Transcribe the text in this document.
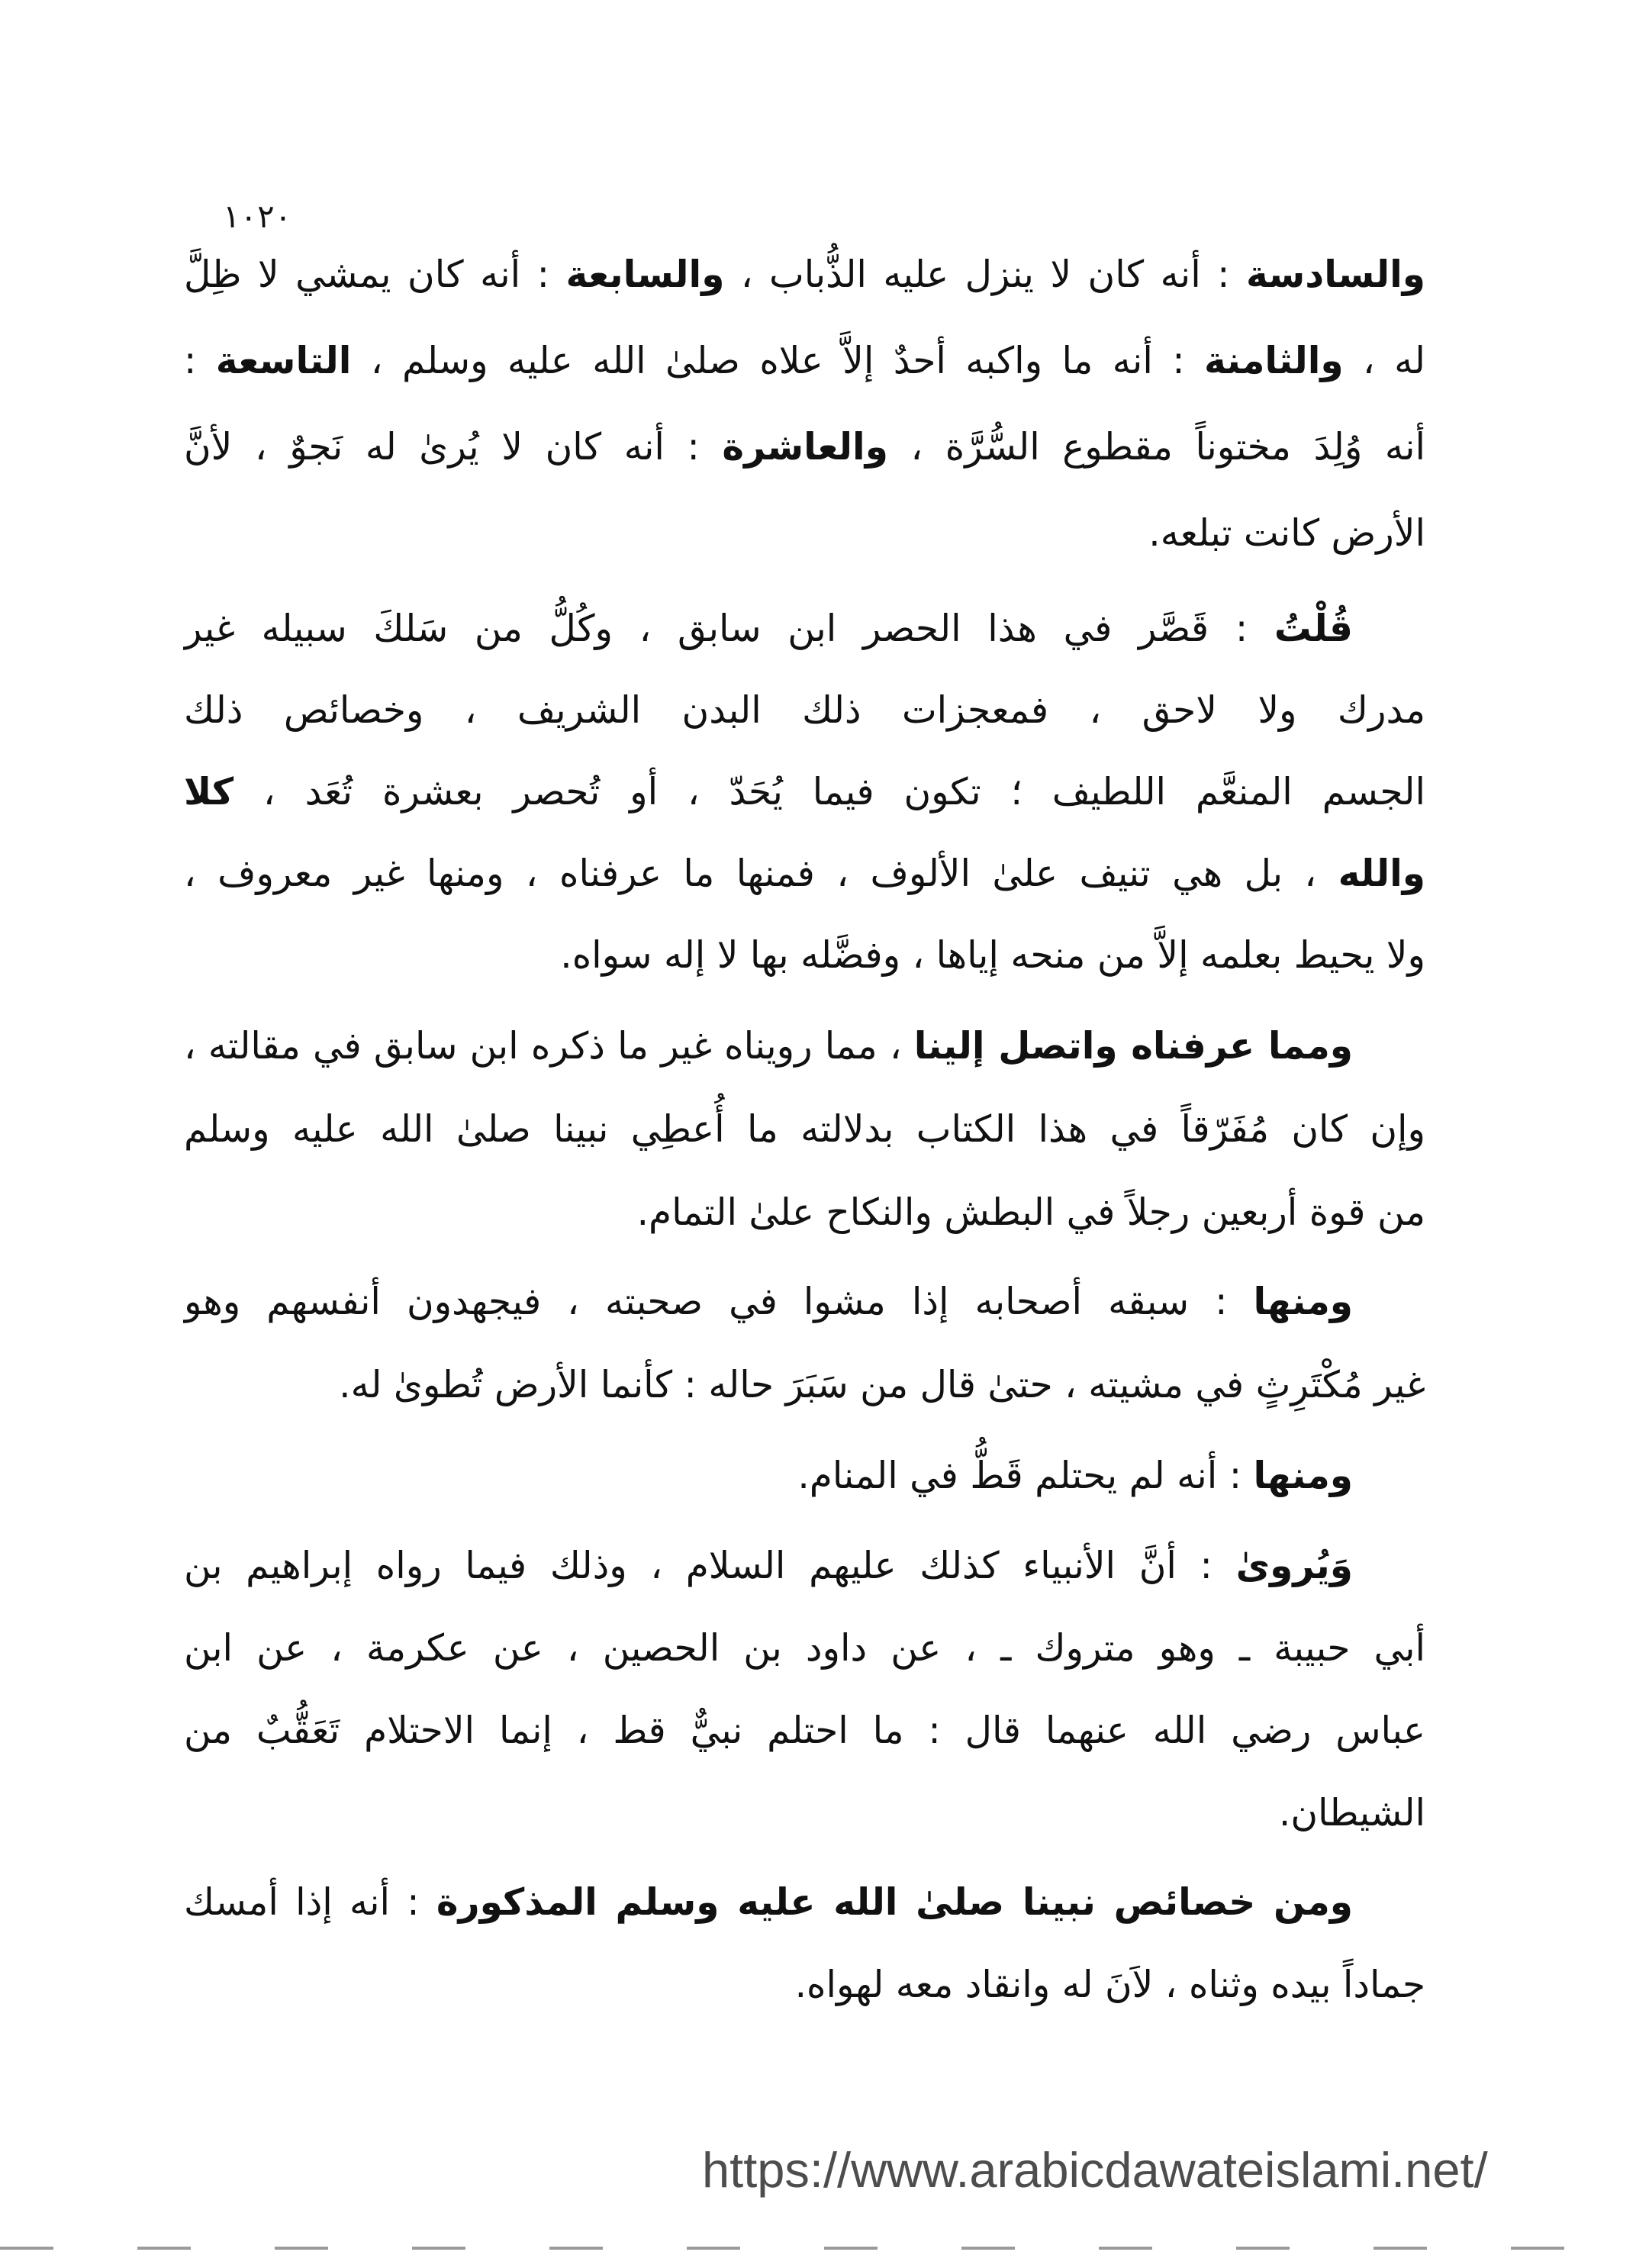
١٠٢٠
والسادسة : أنه كان لا ينزل عليه الذُّباب ، والسابعة : أنه كان يمشي لا ظِلَّ
له ، والثامنة : أنه ما واكبه أحدٌ إلاَّ علاه صلىٰ الله عليه وسلم ، التاسعة :
أنه وُلِدَ مختوناً مقطوع السُّرَّة ، والعاشرة : أنه كان لا يُرىٰ له نَجوٌ ، لأنَّ
الأرض كانت تبلعه.
قُلْتُ : قَصَّر في هذا الحصر ابن سابق ، وكُلُّ من سَلكَ سبيله غير
مدرك ولا لاحق ، فمعجزات ذلك البدن الشريف ، وخصائص ذلك
الجسم المنعَّم اللطيف ؛ تكون فيما يُحَدّ ، أو تُحصر بعشرة تُعَد ، كلا
والله ، بل هي تنيف علىٰ الألوف ، فمنها ما عرفناه ، ومنها غير معروف ،
ولا يحيط بعلمه إلاَّ من منحه إياها ، وفضَّله بها لا إله سواه.
ومما عرفناه واتصل إلينا ، مما رويناه غير ما ذكره ابن سابق في مقالته ،
وإن كان مُفَرّقاً في هذا الكتاب بدلالته ما أُعطِي نبينا صلىٰ الله عليه وسلم
من قوة أربعين رجلاً في البطش والنكاح علىٰ التمام.
ومنها : سبقه أصحابه إذا مشوا في صحبته ، فيجهدون أنفسهم وهو
غير مُكْتَرِثٍ في مشيته ، حتىٰ قال من سَبَرَ حاله : كأنما الأرض تُطوىٰ له.
ومنها : أنه لم يحتلم قَطُّ في المنام.
وَيُروىٰ : أنَّ الأنبياء كذلك عليهم السلام ، وذلك فيما رواه إبراهيم بن
أبي حبيبة ـ وهو متروك ـ ، عن داود بن الحصين ، عن عكرمة ، عن ابن
عباس رضي الله عنهما قال : ما احتلم نبيٌّ قط ، إنما الاحتلام تَعَقُّبٌ من
الشيطان.
ومن خصائص نبينا صلىٰ الله عليه وسلم المذكورة : أنه إذا أمسك
جماداً بيده وثناه ، لاَنَ له وانقاد معه لهواه.
https://www.arabicdawateislami.net/
